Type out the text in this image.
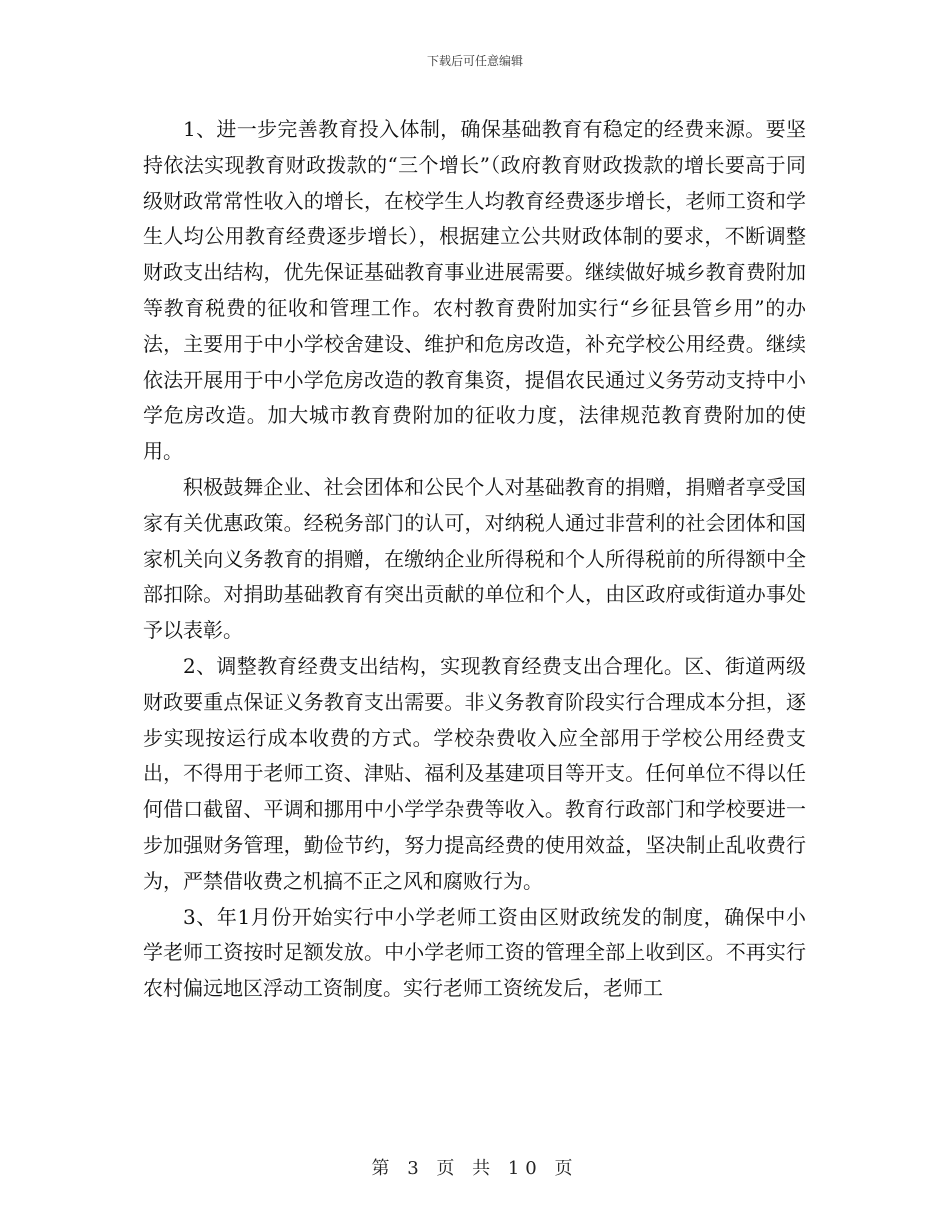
下载后可任意编辑

1、进一步完善教育投入体制，确保基础教育有稳定的经费来源。要坚持依法实现教育财政拨款的“三个增长”（政府教育财政拨款的增长要高于同级财政常常性收入的增长，在校学生人均教育经费逐步增长，老师工资和学生人均公用教育经费逐步增长），根据建立公共财政体制的要求，不断调整财政支出结构，优先保证基础教育事业进展需要。继续做好城乡教育费附加等教育税费的征收和管理工作。农村教育费附加实行“乡征县管乡用”的办法，主要用于中小学校舍建设、维护和危房改造，补充学校公用经费。继续依法开展用于中小学危房改造的教育集资，提倡农民通过义务劳动支持中小学危房改造。加大城市教育费附加的征收力度，法律规范教育费附加的使用。

积极鼓舞企业、社会团体和公民个人对基础教育的捐赠，捐赠者享受国家有关优惠政策。经税务部门的认可，对纳税人通过非营利的社会团体和国家机关向义务教育的捐赠，在缴纳企业所得税和个人所得税前的所得额中全部扣除。对捐助基础教育有突出贡献的单位和个人，由区政府或街道办事处予以表彰。

2、调整教育经费支出结构，实现教育经费支出合理化。区、街道两级财政要重点保证义务教育支出需要。非义务教育阶段实行合理成本分担，逐步实现按运行成本收费的方式。学校杂费收入应全部用于学校公用经费支出，不得用于老师工资、津贴、福利及基建项目等开支。任何单位不得以任何借口截留、平调和挪用中小学学杂费等收入。教育行政部门和学校要进一步加强财务管理，勤俭节约，努力提高经费的使用效益，坚决制止乱收费行为，严禁借收费之机搞不正之风和腐败行为。

3、年1月份开始实行中小学老师工资由区财政统发的制度，确保中小学老师工资按时足额发放。中小学老师工资的管理全部上收到区。不再实行农村偏远地区浮动工资制度。实行老师工资统发后，老师工

第 3 页 共 10 页
